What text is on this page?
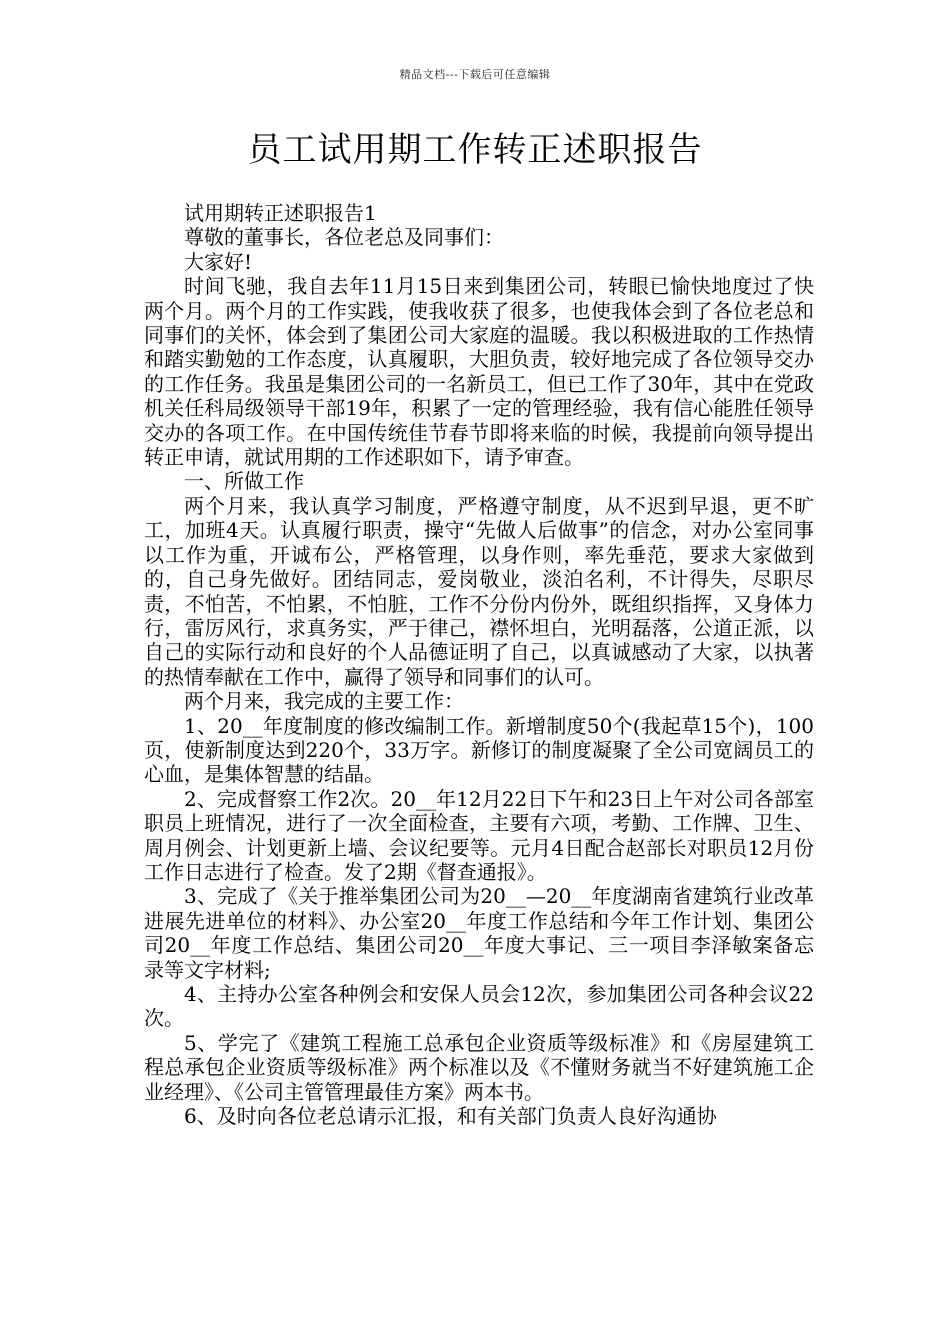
精品文档---下载后可任意编辑
员工试用期工作转正述职报告

试用期转正述职报告1

尊敬的董事长，各位老总及同事们：

大家好!

时间飞驰，我自去年11月15日来到集团公司，转眼已愉快地度过了快两个月。两个月的工作实践，使我收获了很多，也使我体会到了各位老总和同事们的关怀，体会到了集团公司大家庭的温暖。我以积极进取的工作热情和踏实勤勉的工作态度，认真履职，大胆负责，较好地完成了各位领导交办的工作任务。我虽是集团公司的一名新员工，但已工作了30年，其中在党政机关任科局级领导干部19年，积累了一定的管理经验，我有信心能胜任领导交办的各项工作。在中国传统佳节春节即将来临的时候，我提前向领导提出转正申请，就试用期的工作述职如下，请予审查。

一、所做工作

两个月来，我认真学习制度，严格遵守制度，从不迟到早退，更不旷工，加班4天。认真履行职责，操守“先做人后做事”的信念，对办公室同事以工作为重，开诚布公，严格管理，以身作则，率先垂范，要求大家做到的，自己身先做好。团结同志，爱岗敬业，淡泊名利，不计得失，尽职尽责，不怕苦，不怕累，不怕脏，工作不分份内份外，既组织指挥，又身体力行，雷厉风行，求真务实，严于律己，襟怀坦白，光明磊落，公道正派，以自己的实际行动和良好的个人品德证明了自己，以真诚感动了大家，以执著的热情奉献在工作中，赢得了领导和同事们的认可。

两个月来，我完成的主要工作：

1、20__年度制度的修改编制工作。新增制度50个(我起草15个)，100页，使新制度达到220个，33万字。新修订的制度凝聚了全公司宽阔员工的心血，是集体智慧的结晶。

2、完成督察工作2次。20__年12月22日下午和23日上午对公司各部室职员上班情况，进行了一次全面检查，主要有六项，考勤、工作牌、卫生、周月例会、计划更新上墙、会议纪要等。元月4日配合赵部长对职员12月份工作日志进行了检查。发了2期《督查通报》。

3、完成了《关于推举集团公司为20__—20__年度湖南省建筑行业改革进展先进单位的材料》、办公室20__年度工作总结和今年工作计划、集团公司20__年度工作总结、集团公司20__年度大事记、三一项目李泽敏案备忘录等文字材料;

4、主持办公室各种例会和安保人员会12次，参加集团公司各种会议22次。

5、学完了《建筑工程施工总承包企业资质等级标准》和《房屋建筑工程总承包企业资质等级标准》两个标准以及《不懂财务就当不好建筑施工企业经理》、《公司主管管理最佳方案》两本书。

6、及时向各位老总请示汇报，和有关部门负责人良好沟通协
